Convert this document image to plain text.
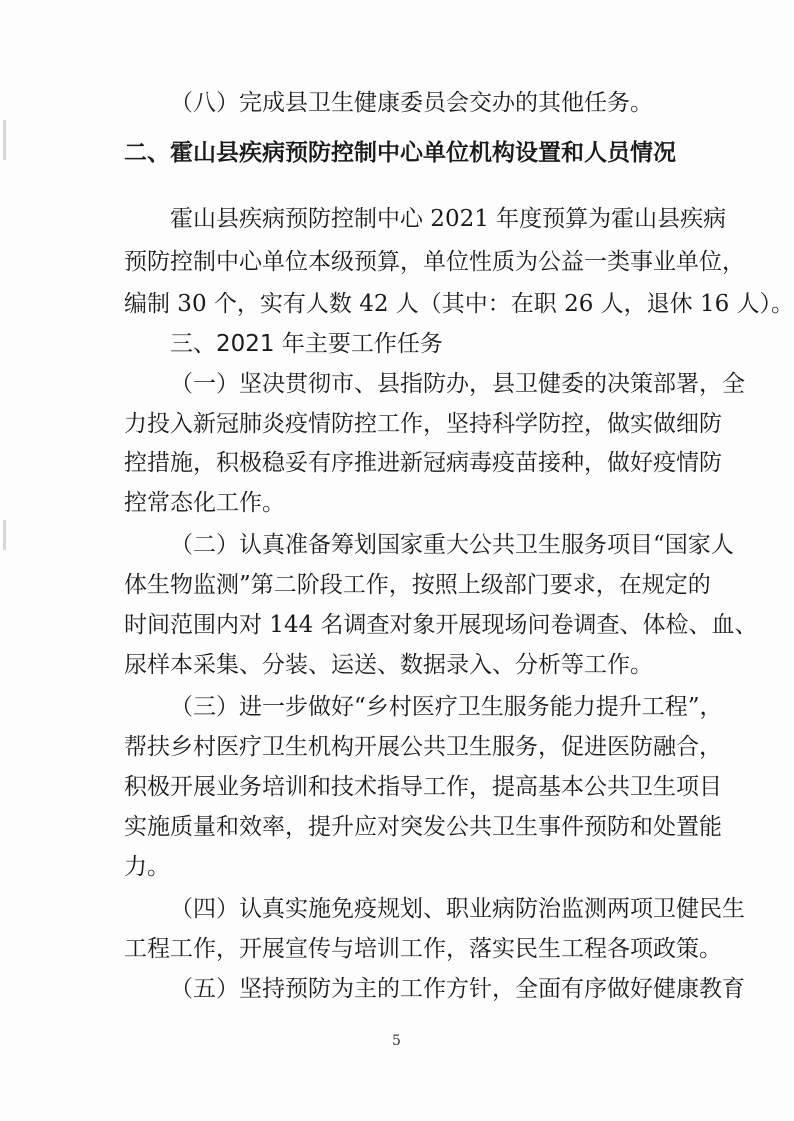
（八）完成县卫生健康委员会交办的其他任务。
二、霍山县疾病预防控制中心单位机构设置和人员情况
霍山县疾病预防控制中心 2021 年度预算为霍山县疾病
预防控制中心单位本级预算，单位性质为公益一类事业单位，
编制 30 个，实有人数 42 人（其中：在职 26 人，退休 16 人）。
三、2021 年主要工作任务
（一）坚决贯彻市、县指防办，县卫健委的决策部署，全
力投入新冠肺炎疫情防控工作，坚持科学防控，做实做细防
控措施，积极稳妥有序推进新冠病毒疫苗接种，做好疫情防
控常态化工作。
（二）认真准备筹划国家重大公共卫生服务项目“国家人
体生物监测”第二阶段工作，按照上级部门要求，在规定的
时间范围内对 144 名调查对象开展现场问卷调查、体检、血、
尿样本采集、分装、运送、数据录入、分析等工作。
（三）进一步做好“乡村医疗卫生服务能力提升工程”，
帮扶乡村医疗卫生机构开展公共卫生服务，促进医防融合，
积极开展业务培训和技术指导工作，提高基本公共卫生项目
实施质量和效率，提升应对突发公共卫生事件预防和处置能
力。
（四）认真实施免疫规划、职业病防治监测两项卫健民生
工程工作，开展宣传与培训工作，落实民生工程各项政策。
（五）坚持预防为主的工作方针，全面有序做好健康教育
5
